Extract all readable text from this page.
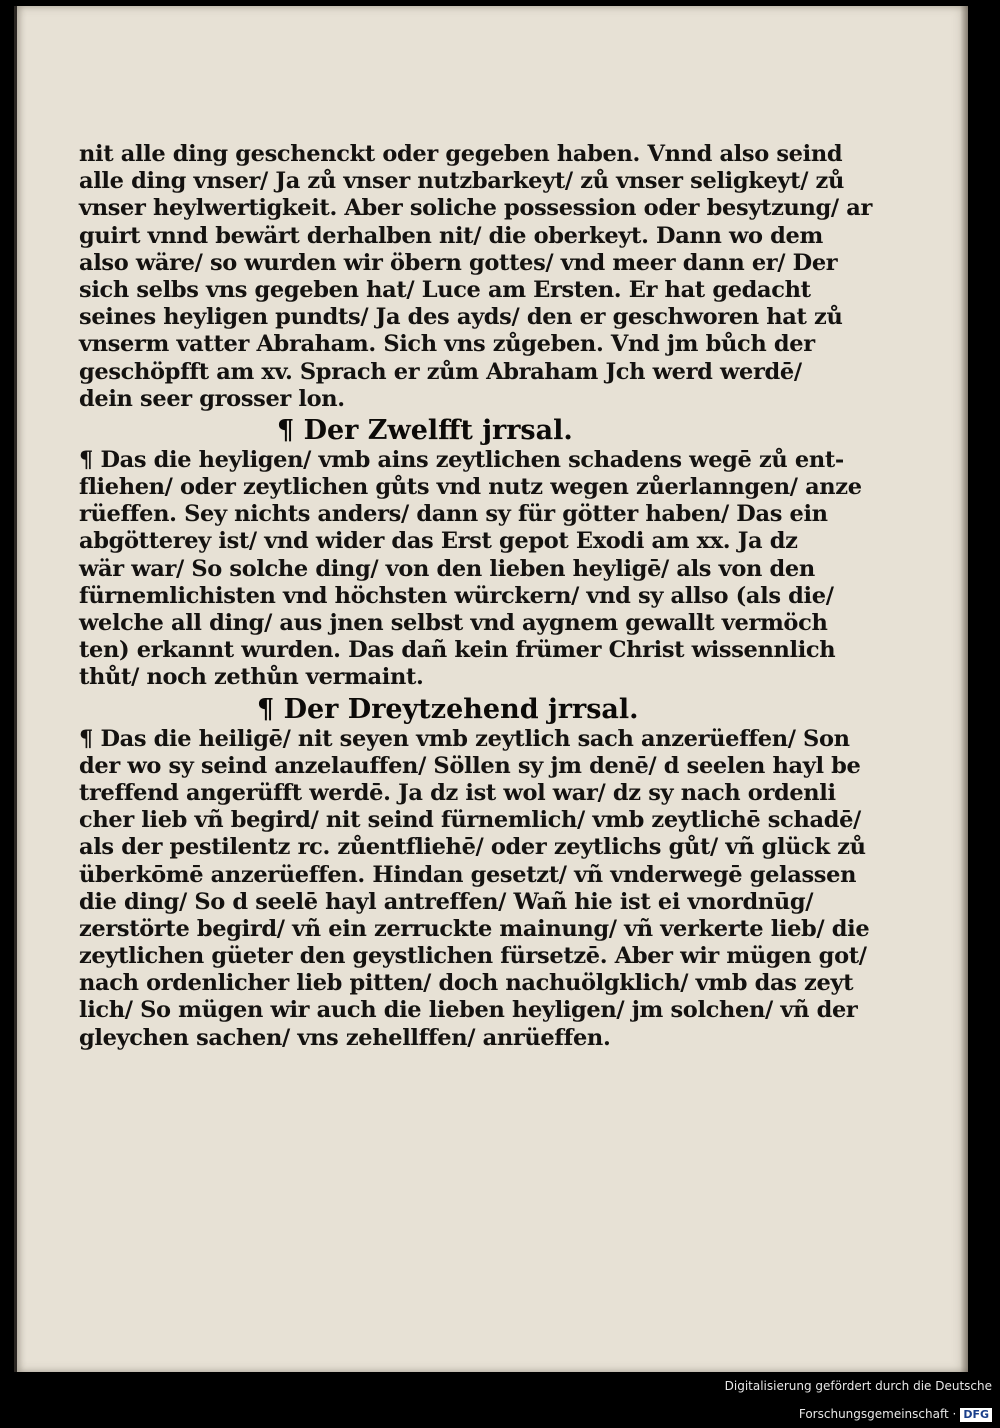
nit alle ding geschenckt oder gegeben haben. Vnnd also seind
alle ding vnser/ Ja zů vnser nutzbarkeyt/ zů vnser seligkeyt/ zů
vnser heylwertigkeit. Aber soliche possession oder besytzung/ ar
guirt vnnd bewärt derhalben nit/ die oberkeyt. Dann wo dem
also wäre/ so wurden wir öbern gottes/ vnd meer dann er/ Der
sich selbs vns gegeben hat/ Luce am Ersten. Er hat gedacht
seines heyligen pundts/ Ja des ayds/ den er geschworen hat zů
vnserm vatter Abraham. Sich vns zůgeben. Vnd jm bůch der
geschöpfft am xv. Sprach er zům Abraham Jch werd werdē/
dein seer grosser lon.
¶ Der Zwelfft jrrsal.
¶ Das die heyligen/ vmb ains zeytlichen schadens wegē zů ent-
fliehen/ oder zeytlichen gůts vnd nutz wegen zůerlanngen/ anze
rüeffen. Sey nichts anders/ dann sy für götter haben/ Das ein
abgötterey ist/ vnd wider das Erst gepot Exodi am xx. Ja dz
wär war/ So solche ding/ von den lieben heyligē/ als von den
fürnemlichisten vnd höchsten würckern/ vnd sy allso (als die/
welche all ding/ aus jnen selbst vnd aygnem gewallt vermöch
ten) erkannt wurden. Das dañ kein frümer Christ wissennlich
thůt/ noch zethůn vermaint.
¶ Der Dreytzehend jrrsal.
¶ Das die heiligē/ nit seyen vmb zeytlich sach anzerüeffen/ Son
der wo sy seind anzelauffen/ Söllen sy jm denē/ d seelen hayl be
treffend angerüfft werdē. Ja dz ist wol war/ dz sy nach ordenli
cher lieb vñ begird/ nit seind fürnemlich/ vmb zeytlichē schadē/
als der pestilentz rc. zůentfliehē/ oder zeytlichs gůt/ vñ glück zů
überkōmē anzerüeffen. Hindan gesetzt/ vñ vnderwegē gelassen
die ding/ So d seelē hayl antreffen/ Wañ hie ist ei vnordnūg/
zerstörte begird/ vñ ein zerruckte mainung/ vñ verkerte lieb/ die
zeytlichen güeter den geystlichen fürsetzē. Aber wir mügen got/
nach ordenlicher lieb pitten/ doch nachuölgklich/ vmb das zeyt
lich/ So mügen wir auch die lieben heyligen/ jm solchen/ vñ der
gleychen sachen/ vns zehellffen/ anrüeffen.
Digitalisierung gefördert durch die Deutsche Forschungsgemeinschaft · DFG
